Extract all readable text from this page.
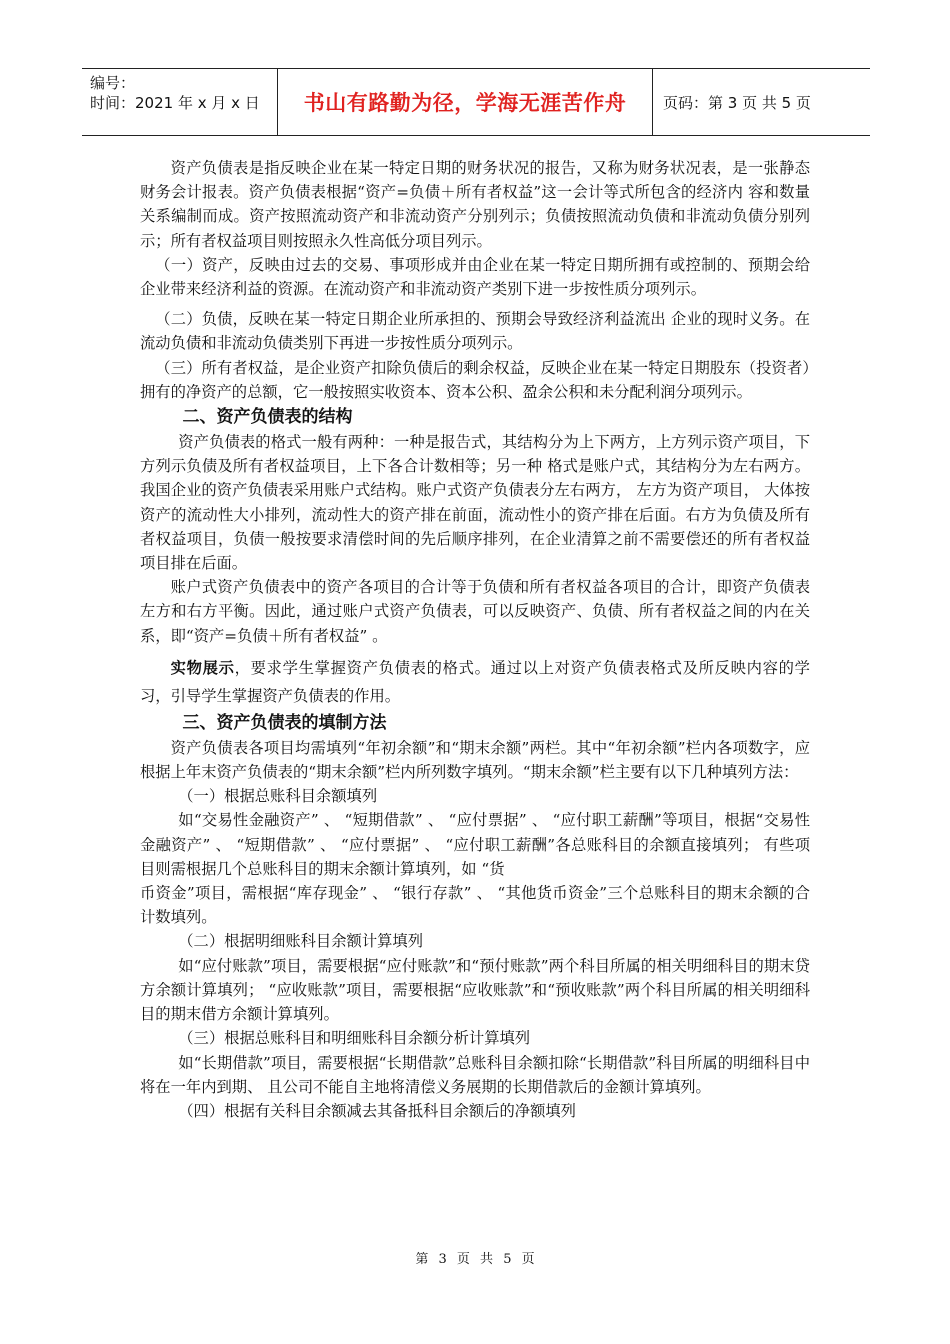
编号：
时间：2021 年 x 月 x 日	书山有路勤为径，学海无涯苦作舟	页码：第 3 页 共 5 页

资产负债表是指反映企业在某一特定日期的财务状况的报告，又称为财务状况表，是一张静态财务会计报表。资产负债表根据“资产=负债＋所有者权益”这一会计等式所包含的经济内 容和数量关系编制而成。资产按照流动资产和非流动资产分别列示；负债按照流动负债和非流动负债分别列示；所有者权益项目则按照永久性高低分项目列示。

（一）资产，反映由过去的交易、事项形成并由企业在某一特定日期所拥有或控制的、预期会给企业带来经济利益的资源。在流动资产和非流动资产类别下进一步按性质分项列示。

（二）负债，反映在某一特定日期企业所承担的、预期会导致经济利益流出 企业的现时义务。在流动负债和非流动负债类别下再进一步按性质分项列示。

（三）所有者权益，是企业资产扣除负债后的剩余权益，反映企业在某一特定日期股东（投资者）拥有的净资产的总额，它一般按照实收资本、资本公积、盈余公积和未分配利润分项列示。

二、资产负债表的结构

资产负债表的格式一般有两种：一种是报告式，其结构分为上下两方，上方列示资产项目，下方列示负债及所有者权益项目，上下各合计数相等；另一种 格式是账户式，其结构分为左右两方。我国企业的资产负债表采用账户式结构。账户式资产负债表分左右两方， 左方为资产项目， 大体按资产的流动性大小排列，流动性大的资产排在前面，流动性小的资产排在后面。右方为负债及所有者权益项目，负债一般按要求清偿时间的先后顺序排列，在企业清算之前不需要偿还的所有者权益项目排在后面。

账户式资产负债表中的资产各项目的合计等于负债和所有者权益各项目的合计，即资产负债表左方和右方平衡。因此，通过账户式资产负债表，可以反映资产、负债、所有者权益之间的内在关系，即“资产=负债＋所有者权益” 。

实物展示，要求学生掌握资产负债表的格式。通过以上对资产负债表格式及所反映内容的学习，引导学生掌握资产负债表的作用。

三、资产负债表的填制方法

资产负债表各项目均需填列“年初余额”和“期末余额”两栏。其中“年初余额”栏内各项数字，应根据上年末资产负债表的“期末余额”栏内所列数字填列。“期末余额”栏主要有以下几种填列方法：

（一）根据总账科目余额填列

如“交易性金融资产” 、 “短期借款” 、 “应付票据” 、 “应付职工薪酬”等项目，根据“交易性金融资产” 、 “短期借款” 、 “应付票据” 、 “应付职工薪酬”各总账科目的余额直接填列； 有些项目则需根据几个总账科目的期末余额计算填列，如 “货

币资金”项目，需根据“库存现金” 、 “银行存款” 、 “其他货币资金”三个总账科目的期末余额的合计数填列。

（二）根据明细账科目余额计算填列

如“应付账款”项目，需要根据“应付账款”和“预付账款”两个科目所属的相关明细科目的期末贷方余额计算填列； “应收账款”项目，需要根据“应收账款”和“预收账款”两个科目所属的相关明细科目的期末借方余额计算填列。

（三）根据总账科目和明细账科目余额分析计算填列

如“长期借款”项目，需要根据“长期借款”总账科目余额扣除“长期借款”科目所属的明细科目中将在一年内到期、 且公司不能自主地将清偿义务展期的长期借款后的金额计算填列。

（四）根据有关科目余额减去其备抵科目余额后的净额填列

第 3 页 共 5 页
